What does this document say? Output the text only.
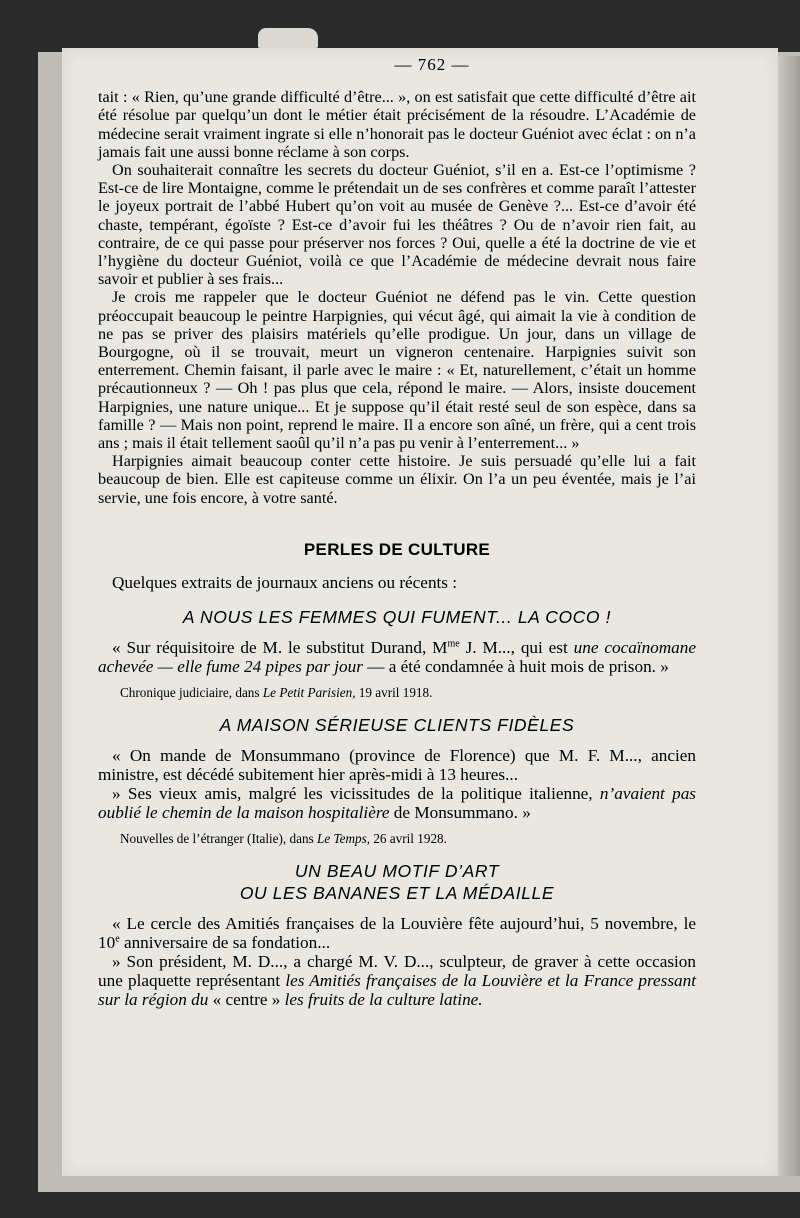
— 762 —

tait : « Rien, qu’une grande difficulté d’être... », on est satisfait que cette difficulté d’être ait été résolue par quelqu’un dont le métier était précisément de la résoudre. L’Académie de médecine serait vraiment ingrate si elle n’honorait pas le docteur Guéniot avec éclat : on n’a jamais fait une aussi bonne réclame à son corps.

On souhaiterait connaître les secrets du docteur Guéniot, s’il en a. Est-ce l’optimisme ? Est-ce de lire Montaigne, comme le prétendait un de ses confrères et comme paraît l’attester le joyeux portrait de l’abbé Hubert qu’on voit au musée de Genève ?... Est-ce d’avoir été chaste, tempérant, égoïste ? Est-ce d’avoir fui les théâtres ? Ou de n’avoir rien fait, au contraire, de ce qui passe pour préserver nos forces ? Oui, quelle a été la doctrine de vie et l’hygiène du docteur Guéniot, voilà ce que l’Académie de médecine devrait nous faire savoir et publier à ses frais...

Je crois me rappeler que le docteur Guéniot ne défend pas le vin. Cette question préoccupait beaucoup le peintre Harpignies, qui vécut âgé, qui aimait la vie à condition de ne pas se priver des plaisirs matériels qu’elle prodigue. Un jour, dans un village de Bourgogne, où il se trouvait, meurt un vigneron centenaire. Harpignies suivit son enterrement. Chemin faisant, il parle avec le maire : « Et, naturellement, c’était un homme précautionneux ? — Oh ! pas plus que cela, répond le maire. — Alors, insiste doucement Harpignies, une nature unique... Et je suppose qu’il était resté seul de son espèce, dans sa famille ? — Mais non point, reprend le maire. Il a encore son aîné, un frère, qui a cent trois ans ; mais il était tellement saoûl qu’il n’a pas pu venir à l’enterrement... »

Harpignies aimait beaucoup conter cette histoire. Je suis persuadé qu’elle lui a fait beaucoup de bien. Elle est capiteuse comme un élixir. On l’a un peu éventée, mais je l’ai servie, une fois encore, à votre santé.

PERLES DE CULTURE

Quelques extraits de journaux anciens ou récents :

A NOUS LES FEMMES QUI FUMENT... LA COCO !

« Sur réquisitoire de M. le substitut Durand, $M^{me}$ J. M..., qui est une cocaïnomane achevée — elle fume 24 pipes par jour — a été condamnée à huit mois de prison. »

Chronique judiciaire, dans Le Petit Parisien, 19 avril 1918.
A MAISON SÉRIEUSE CLIENTS FIDÈLES

« On mande de Monsummano (province de Florence) que M. F. M..., ancien ministre, est décédé subitement hier après-midi à 13 heures...

» Ses vieux amis, malgré les vicissitudes de la politique italienne, n’avaient pas oublié le chemin de la maison hospitalière de Monsummano. »

Nouvelles de l’étranger (Italie), dans Le Temps, 26 avril 1928.
UN BEAU MOTIF D’ART
OU LES BANANES ET LA MÉDAILLE

« Le cercle des Amitiés françaises de la Louvière fête aujourd’hui, 5 novembre, le 10e anniversaire de sa fondation...

» Son président, M. D..., a chargé M. V. D..., sculpteur, de graver à cette occasion une plaquette représentant les Amitiés françaises de la Louvière et la France pressant sur la région du « centre » les fruits de la culture latine.
